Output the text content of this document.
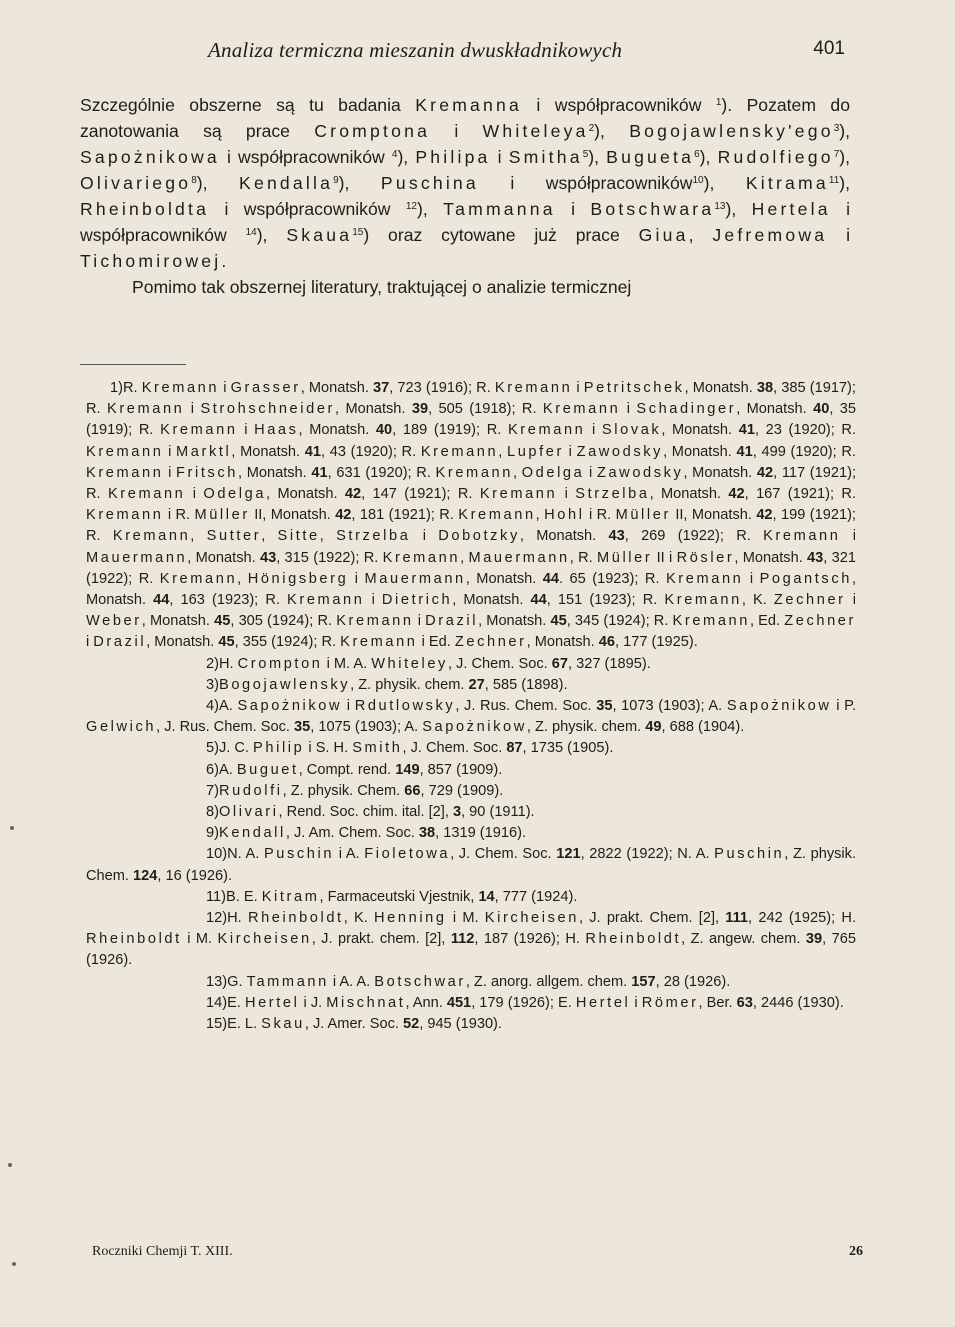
Analiza termiczna mieszanin dwuskładnikowych	401

Szczególnie obszerne są tu badania Kremanna i współpracowników $^1$). Pozatem do zanotowania są prace Cromptona i Whiteleya$^2$), Bogojawlensky'ego$^3$), Sapożnikowa i współpracowników $^4$), Philipa i Smitha$^5$), Bugueta$^6$), Rudolfiego$^7$), Olivariego$^8$), Kendalla$^9$), Puschina i współpracowników$^{10}$), Kitrama$^{11}$), Rheinboldta i współpracowników $^{12}$), Tammanna i Botschwara$^{13}$), Hertela i współpracowników $^{14}$), Skaua$^{15}$) oraz cytowane już prace Giua, Jefremowa i Tichomirowej.

Pomimo tak obszernej literatury, traktującej o analizie termicznej

1)R. Kremann i Grasser, Monatsh. 37, 723 (1916); R. Kremann i Petritschek, Monatsh. 38, 385 (1917); R. Kremann i Strohschneider, Monatsh. 39, 505 (1918); R. Kremann i Schadinger, Monatsh. 40, 35 (1919); R. Kremann i Haas, Monatsh. 40, 189 (1919); R. Kremann i Slovak, Monatsh. 41, 23 (1920); R. Kremann i Marktl, Monatsh. 41, 43 (1920); R. Kremann, Lupfer i Zawodsky, Monatsh. 41, 499 (1920); R. Kremann i Fritsch, Monatsh. 41, 631 (1920); R. Kremann, Odelga i Zawodsky, Monatsh. 42, 117 (1921); R. Kremann i Odelga, Monatsh. 42, 147 (1921); R. Kremann i Strzelba, Monatsh. 42, 167 (1921); R. Kremann i R. Müller II, Monatsh. 42, 181 (1921); R. Kremann, Hohl i R. Müller II, Monatsh. 42, 199 (1921); R. Kremann, Sutter, Sitte, Strzelba i Dobotzky, Monatsh. 43, 269 (1922); R. Kremann i Mauermann, Monatsh. 43, 315 (1922); R. Kremann, Mauermann, R. Müller II i Rösler, Monatsh. 43, 321 (1922); R. Kremann, Hönigsberg i Mauermann, Monatsh. 44. 65 (1923); R. Kremann i Pogantsch, Monatsh. 44, 163 (1923); R. Kremann i Dietrich, Monatsh. 44, 151 (1923); R. Kremann, K. Zechner i Weber, Monatsh. 45, 305 (1924); R. Kremann i Drazil, Monatsh. 45, 345 (1924); R. Kremann, Ed. Zechner i Drazil, Monatsh. 45, 355 (1924); R. Kremann i Ed. Zechner, Monatsh. 46, 177 (1925).

2)H. Crompton i M. A. Whiteley, J. Chem. Soc. 67, 327 (1895).

3)Bogojawlensky, Z. physik. chem. 27, 585 (1898).

4)A. Sapożnikow i Rdutlowsky, J. Rus. Chem. Soc. 35, 1073 (1903); A. Sapożnikow i P. Gelwich, J. Rus. Chem. Soc. 35, 1075 (1903); A. Sapożnikow, Z. physik. chem. 49, 688 (1904).

5)J. C. Philip i S. H. Smith, J. Chem. Soc. 87, 1735 (1905).

6)A. Buguet, Compt. rend. 149, 857 (1909).

7)Rudolfi, Z. physik. Chem. 66, 729 (1909).

8)Olivari, Rend. Soc. chim. ital. [2], 3, 90 (1911).

9)Kendall, J. Am. Chem. Soc. 38, 1319 (1916).

10)N. A. Puschin i A. Fioletowa, J. Chem. Soc. 121, 2822 (1922); N. A. Puschin, Z. physik. Chem. 124, 16 (1926).

11)B. E. Kitram, Farmaceutski Vjestnik, 14, 777 (1924).

12)H. Rheinboldt, K. Henning i M. Kircheisen, J. prakt. Chem. [2], 111, 242 (1925); H. Rheinboldt i M. Kircheisen, J. prakt. chem. [2], 112, 187 (1926); H. Rheinboldt, Z. angew. chem. 39, 765 (1926).

13)G. Tammann i A. A. Botschwar, Z. anorg. allgem. chem. 157, 28 (1926).

14)E. Hertel i J. Mischnat, Ann. 451, 179 (1926); E. Hertel i Römer, Ber. 63, 2446 (1930).

15)E. L. Skau, J. Amer. Soc. 52, 945 (1930).

Roczniki Chemji T. XIII.	26
